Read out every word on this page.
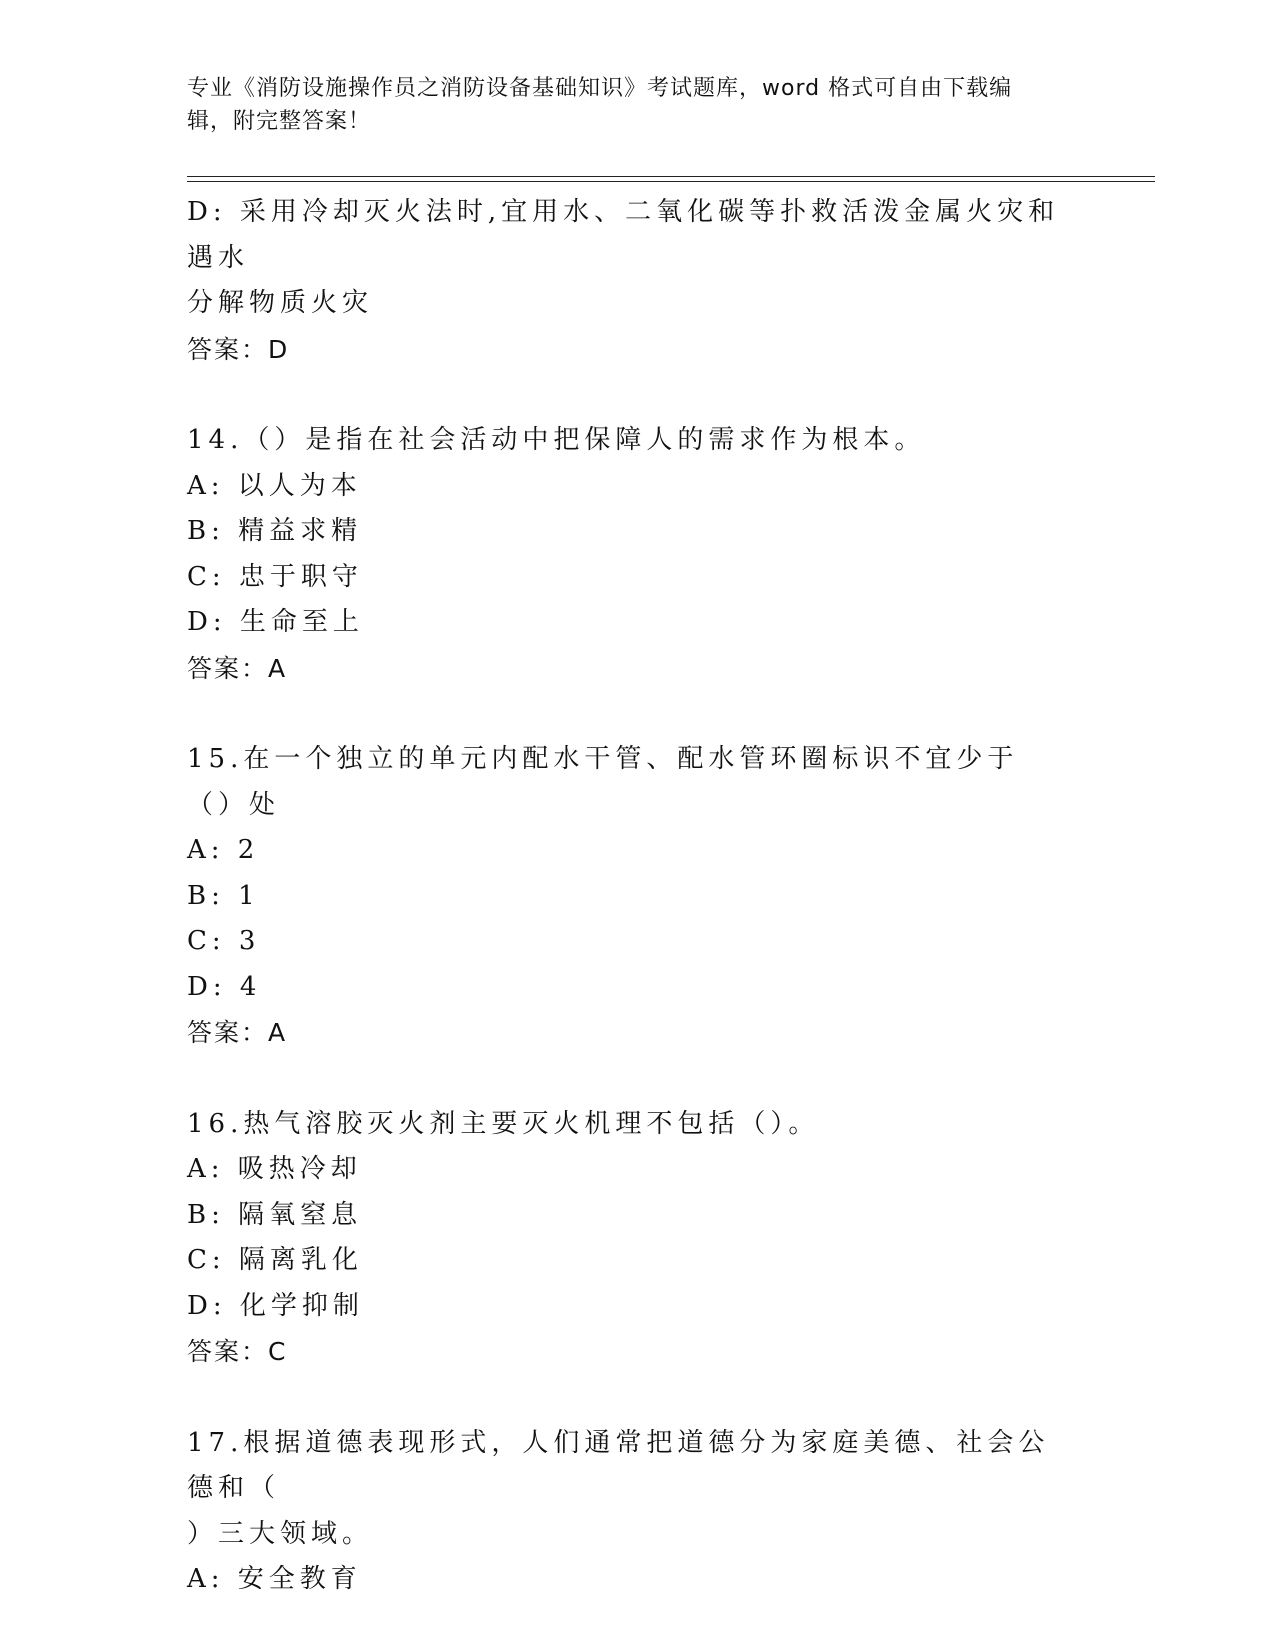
专业《消防设施操作员之消防设备基础知识》考试题库，word 格式可自由下载编
辑，附完整答案！
D: 采用冷却灭火法时,宜用水、二氧化碳等扑救活泼金属火灾和遇水
分解物质火灾
答案：D
14.（）是指在社会活动中把保障人的需求作为根本。
A: 以人为本
B: 精益求精
C: 忠于职守
D: 生命至上
答案：A
15.在一个独立的单元内配水干管、配水管环圈标识不宜少于（）处
A: 2
B: 1
C: 3
D: 4
答案：A
16.热气溶胶灭火剂主要灭火机理不包括（）。
A: 吸热冷却
B: 隔氧窒息
C: 隔离乳化
D: 化学抑制
答案：C
17.根据道德表现形式，人们通常把道德分为家庭美德、社会公德和（
）三大领域。
A: 安全教育
